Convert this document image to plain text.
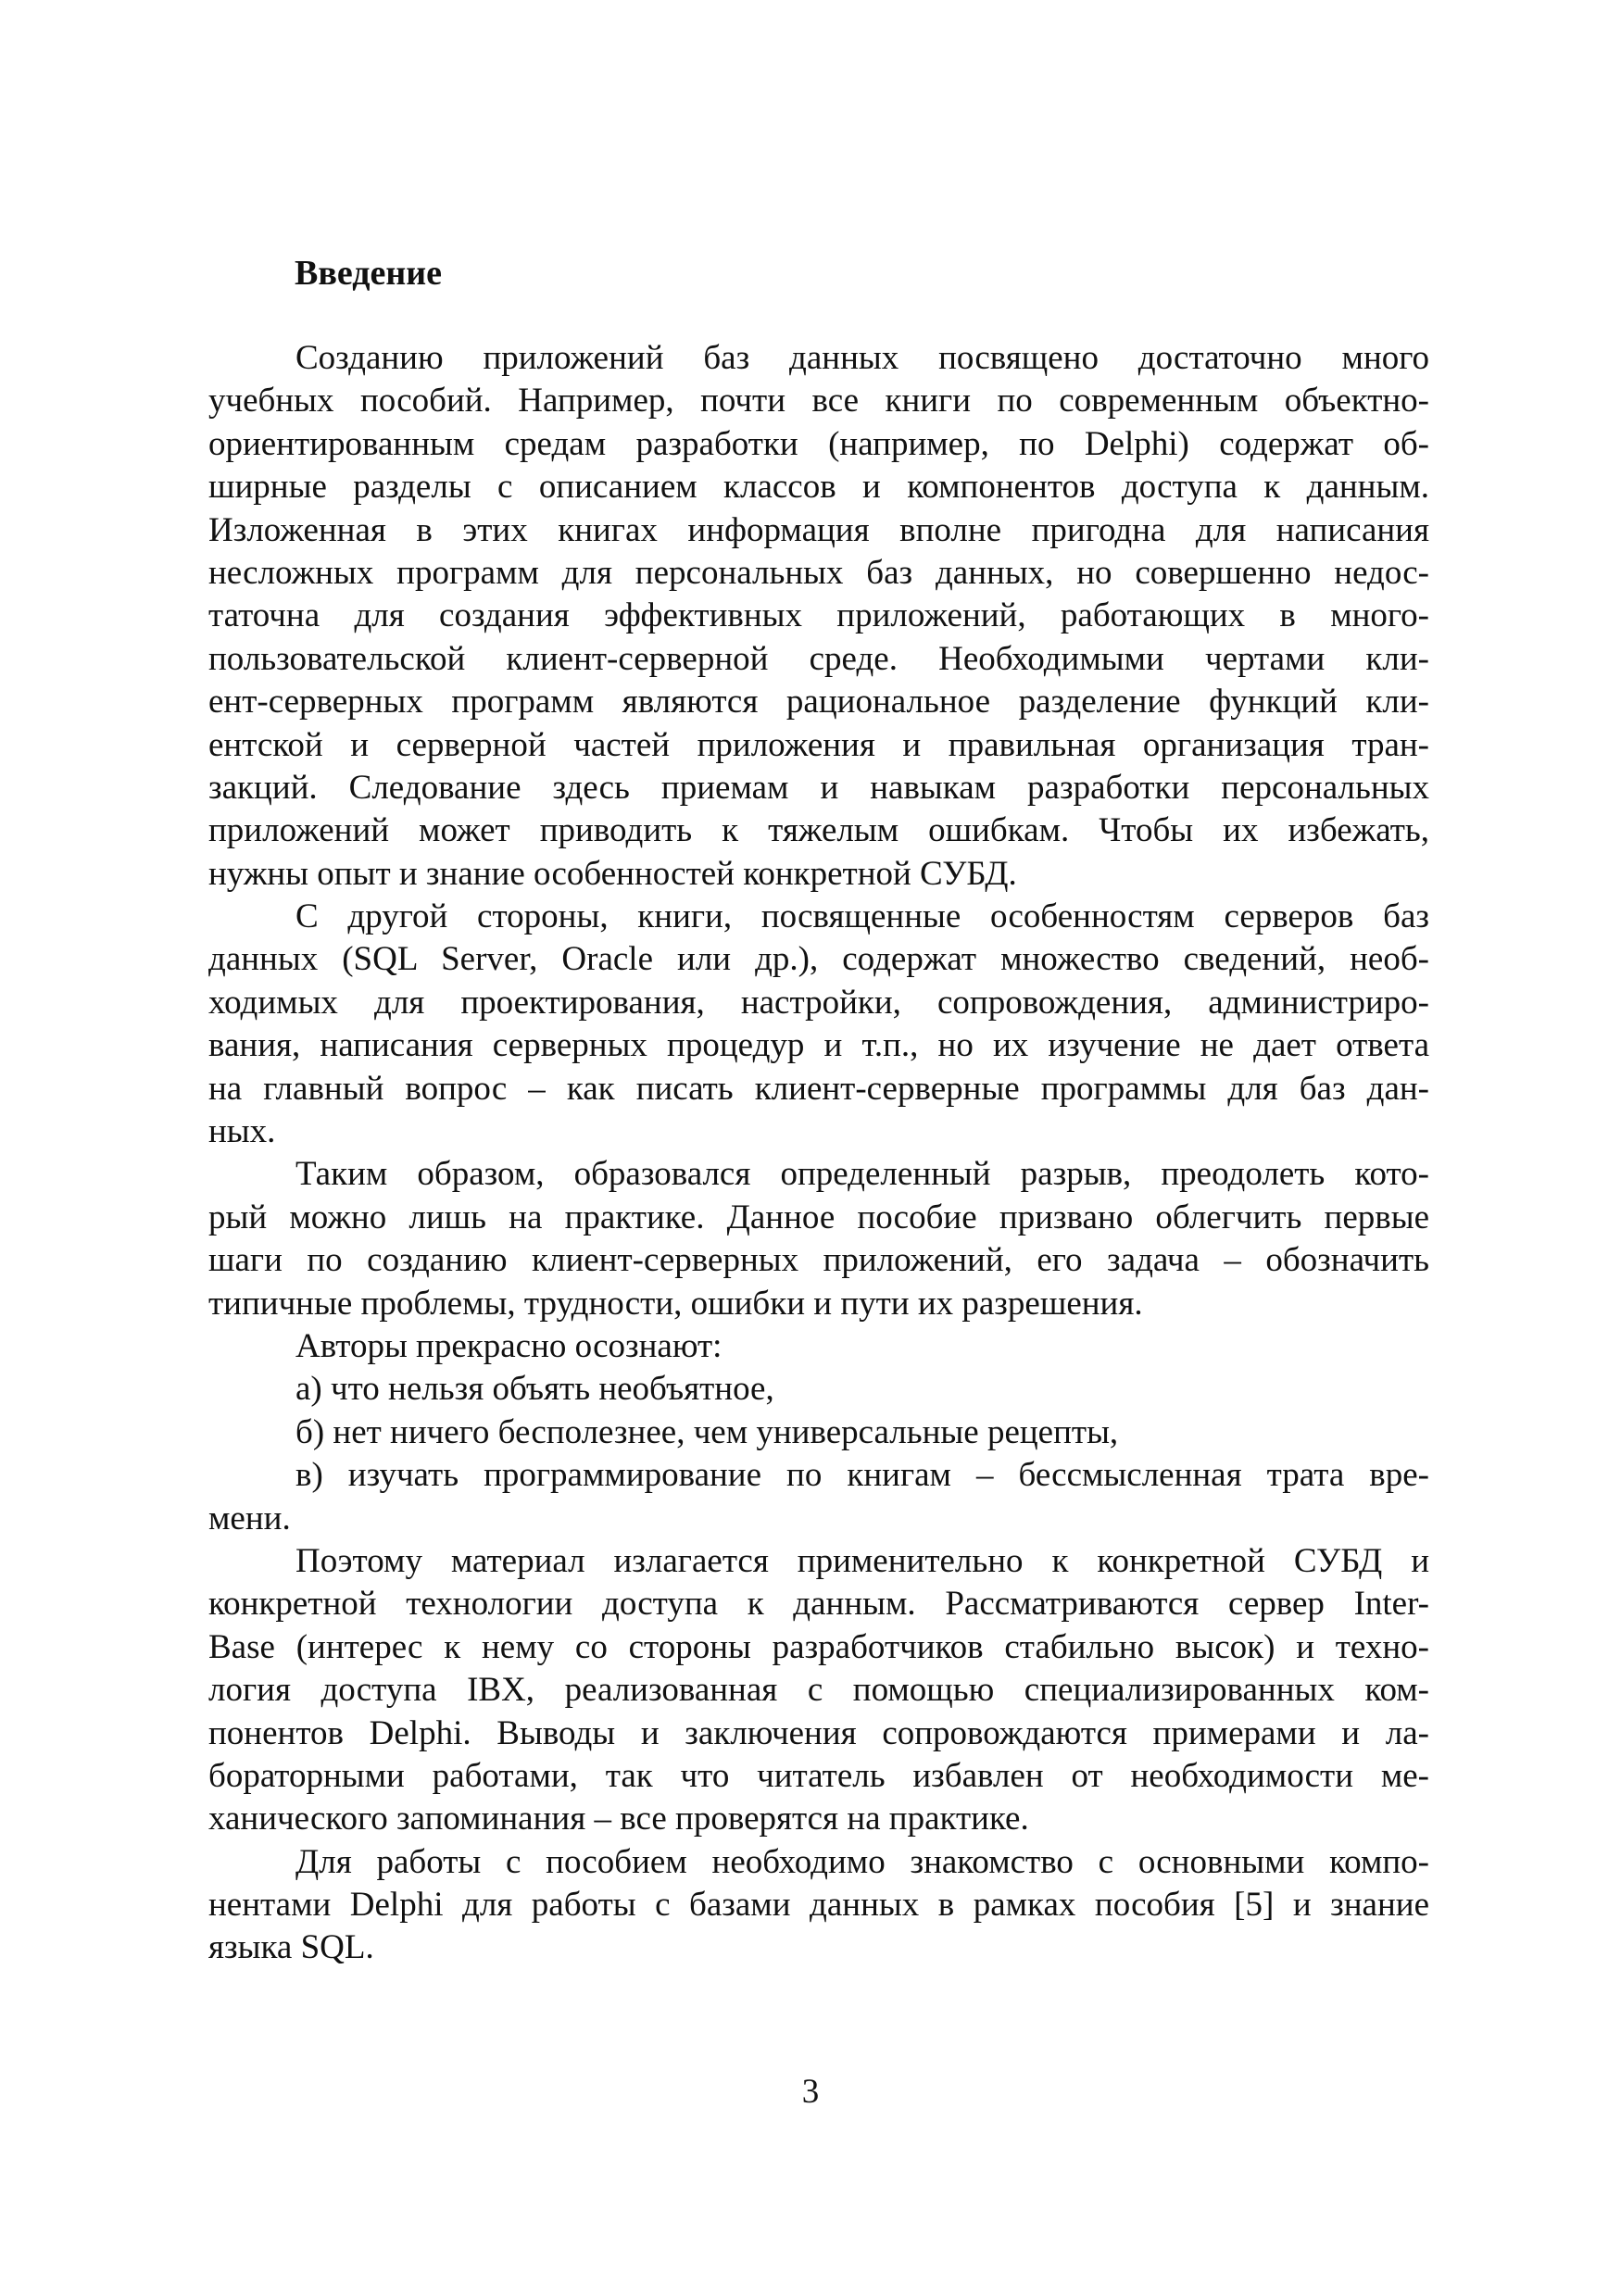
Введение
Созданию приложений баз данных посвящено достаточно много
учебных пособий. Например, почти все книги по современным объектно-
ориентированным средам разработки (например, по Delphi) содержат об-
ширные разделы с описанием классов и компонентов доступа к данным.
Изложенная в этих книгах информация вполне пригодна для написания
несложных программ для персональных баз данных, но совершенно недос-
таточна для создания эффективных приложений, работающих в много-
пользовательской клиент-серверной среде. Необходимыми чертами кли-
ент-серверных программ являются рациональное разделение функций кли-
ентской и серверной частей приложения и правильная организация тран-
закций. Следование здесь приемам и навыкам разработки персональных
приложений может приводить к тяжелым ошибкам. Чтобы их избежать,
нужны опыт и знание особенностей конкретной СУБД.
С другой стороны, книги, посвященные особенностям серверов баз
данных (SQL Server, Oracle или др.), содержат множество сведений, необ-
ходимых для проектирования, настройки, сопровождения, администриро-
вания, написания серверных процедур и т.п., но их изучение не дает ответа
на главный вопрос – как писать клиент-серверные программы для баз дан-
ных.
Таким образом, образовался определенный разрыв, преодолеть кото-
рый можно лишь на практике. Данное пособие призвано облегчить первые
шаги по созданию клиент-серверных приложений, его задача – обозначить
типичные проблемы, трудности, ошибки и пути их разрешения.
Авторы прекрасно осознают:
а) что нельзя объять необъятное,
б) нет ничего бесполезнее, чем универсальные рецепты,
в) изучать программирование по книгам – бессмысленная трата вре-
мени.
Поэтому материал излагается применительно к конкретной СУБД и
конкретной технологии доступа к данным. Рассматриваются сервер Inter-
Base (интерес к нему со стороны разработчиков стабильно высок) и техно-
логия доступа IBX, реализованная с помощью специализированных ком-
понентов Delphi. Выводы и заключения сопровождаются примерами и ла-
бораторными работами, так что читатель избавлен от необходимости ме-
ханического запоминания – все проверятся на практике.
Для работы с пособием необходимо знакомство с основными компо-
нентами Delphi для работы с базами данных в рамках пособия [5] и знание
языка SQL.
3
